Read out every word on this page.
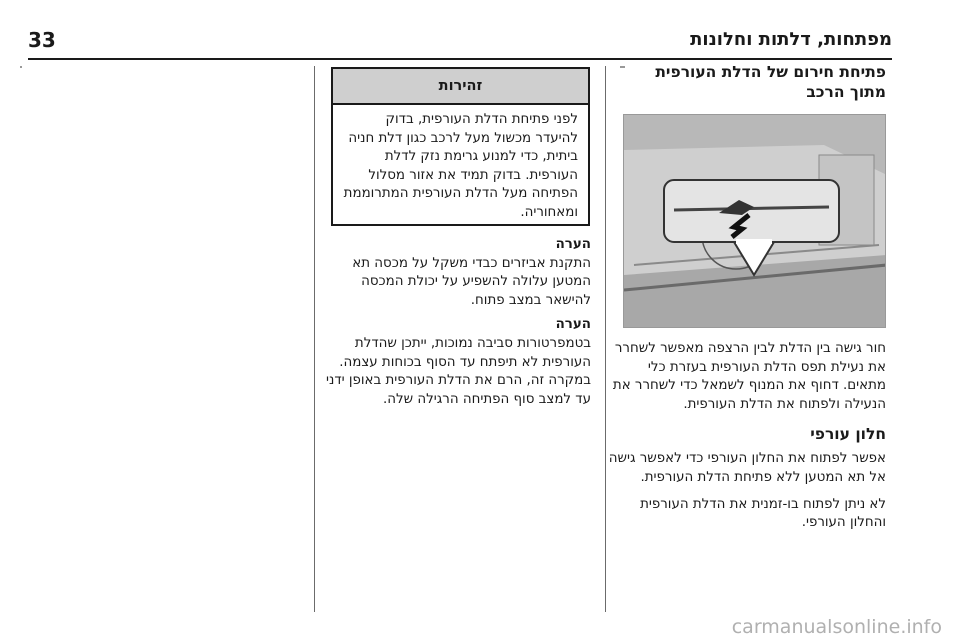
33	מפתחות, דלתות וחלונות
פתיחת חירום של הדלת העורפית מתוך הרכב
חור גישה בין הדלת לבין הרצפה מאפשר לשחרר את נעילת תפס הדלת העורפית בעזרת כלי מתאים. דחוף את המנוף לשמאל כדי לשחרר את הנעילה ולפתוח את הדלת העורפית.
חלון עורפי
אפשר לפתוח את החלון העורפי כדי לאפשר גישה אל תא המטען ללא פתיחת הדלת העורפית.
לא ניתן לפתוח בו-זמנית את הדלת העורפית והחלון העורפי.
זהירות
לפני פתיחת הדלת העורפית, בדוק להיעדר מכשול מעל לרכב כגון דלת חניה ביתית, כדי למנוע גרימת נזק לדלת העורפית. בדוק תמיד את אזור מסלול הפתיחה מעל הדלת העורפית המתרוממת ומאחוריה.
הערה
התקנת אביזרים כבדי משקל על מכסה תא המטען עלולה להשפיע על יכולת המכסה להישאר במצב פתוח.
הערה
בטמפרטורות סביבה נמוכות, ייתכן שהדלת העורפית לא תיפתח עד הסוף בכוחות עצמה. במקרה זה, הרם את הדלת העורפית באופן ידני עד למצב סוף הפתיחה הרגילה שלה.
carmanualsonline.info
